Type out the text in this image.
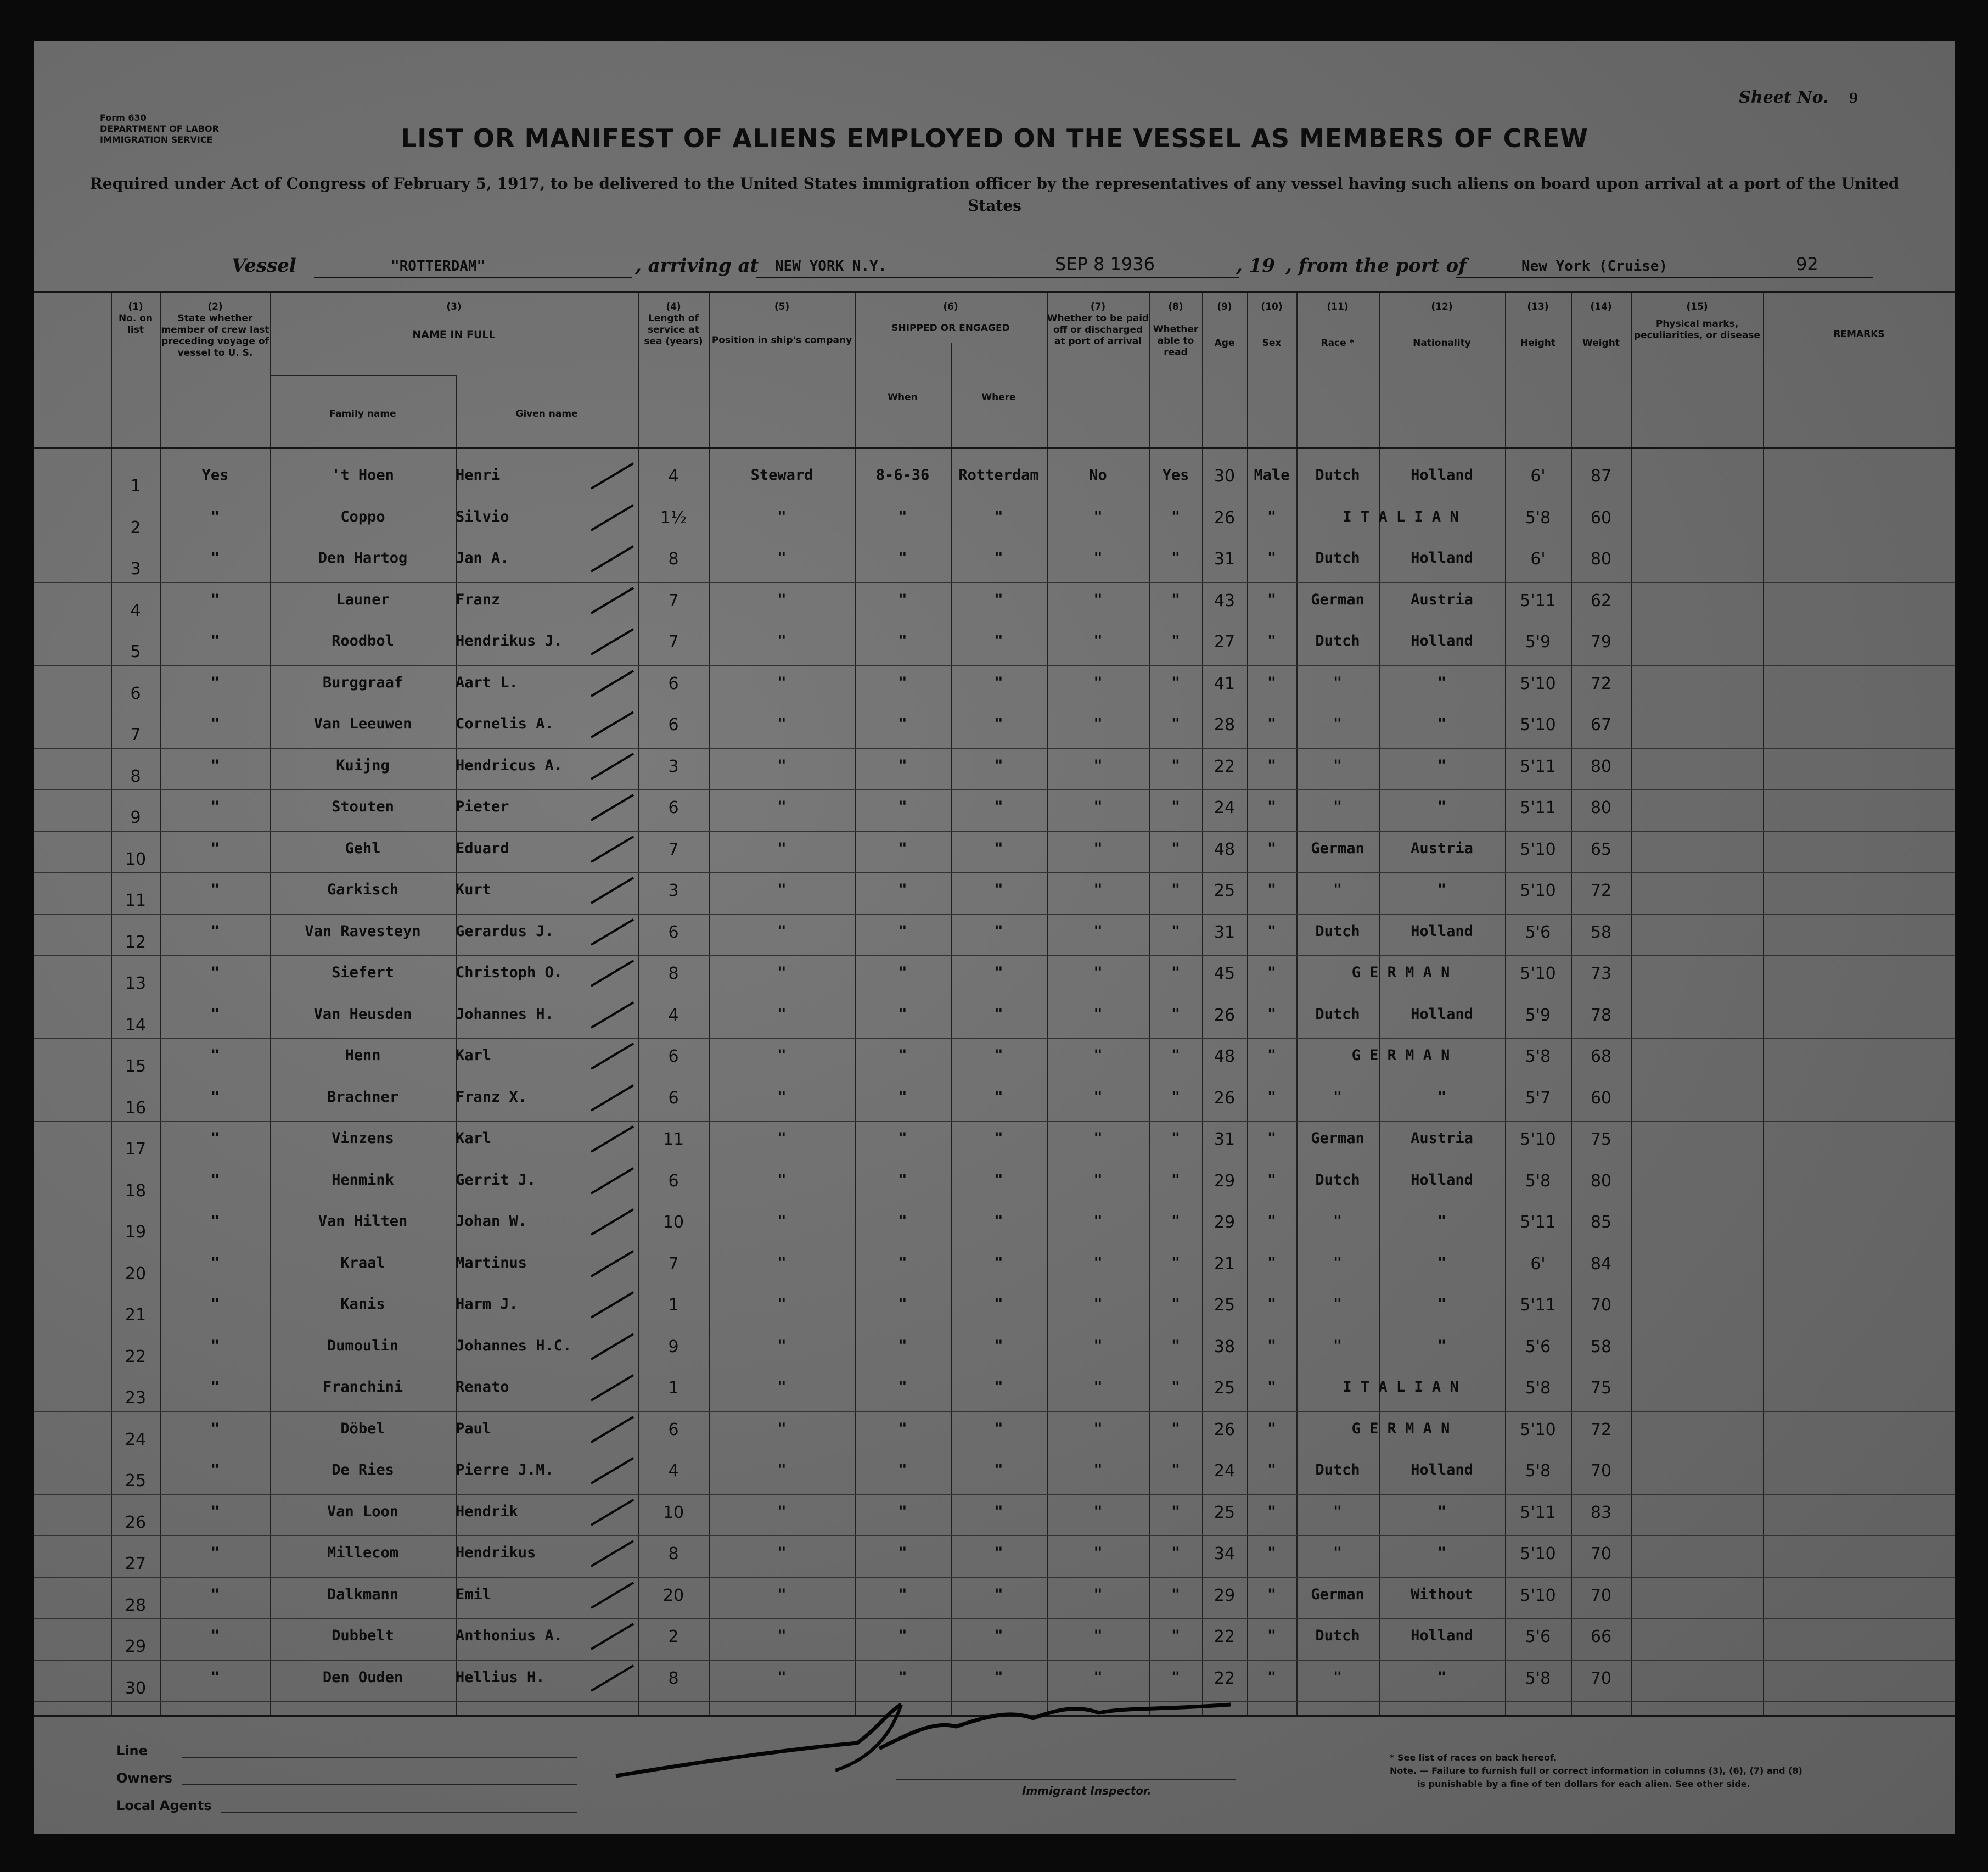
Form 630
DEPARTMENT OF LABOR
IMMIGRATION SERVICE
Sheet No. 9
LIST OR MANIFEST OF ALIENS EMPLOYED ON THE VESSEL AS MEMBERS OF CREW
Required under Act of Congress of February 5, 1917, to be delivered to the United States immigration officer by the representatives of any vessel having such aliens on board upon arrival at a port of the United States
Vessel	"ROTTERDAM"	, arriving at NEW YORK N.Y.	SEP 8 1936	, 19 , from the port of	New York (Cruise)	92
(1)
No. on list
(2)
State whether member of crew last preceding voyage of vessel to U. S.
(3)
NAME IN FULL
Family name	Given name
(4)
Length of service at sea (years)
(5)
Position in ship's company
(6)
SHIPPED OR ENGAGED
When	Where
(7)
Whether to be paid off or discharged at port of arrival
(8)
Whether able to read
(9)
Age
(10)
Sex
(11)
Race *
(12)
Nationality
(13)
Height
(14)
Weight
(15)
Physical marks, peculiarities, or disease	REMARKS
1
Yes	't Hoen	Henri	4	Steward	8-6-36	Rotterdam	No	Yes	30	Male	Dutch	Holland	6'	87
2
"	Coppo	Silvio	1½	"	"	"	"	"	26	"	I T A L I A N	5'8	60
3
"	Den Hartog	Jan A.	8	"	"	"	"	"	31	"	Dutch	Holland	6'	80
4
"	Launer	Franz	7	"	"	"	"	"	43	"	German	Austria	5'11	62
5
"	Roodbol	Hendrikus J.	7	"	"	"	"	"	27	"	Dutch	Holland	5'9	79
6
"	Burggraaf	Aart L.	6	"	"	"	"	"	41	"	"	"	5'10	72
7
"	Van Leeuwen	Cornelis A.	6	"	"	"	"	"	28	"	"	"	5'10	67
8
"	Kuijng	Hendricus A.	3	"	"	"	"	"	22	"	"	"	5'11	80
9
"	Stouten	Pieter	6	"	"	"	"	"	24	"	"	"	5'11	80
10
"	Gehl	Eduard	7	"	"	"	"	"	48	"	German	Austria	5'10	65
11
"	Garkisch	Kurt	3	"	"	"	"	"	25	"	"	"	5'10	72
12
"	Van Ravesteyn	Gerardus J.	6	"	"	"	"	"	31	"	Dutch	Holland	5'6	58
13
"	Siefert	Christoph O.	8	"	"	"	"	"	45	"	G E R M A N	5'10	73
14
"	Van Heusden	Johannes H.	4	"	"	"	"	"	26	"	Dutch	Holland	5'9	78
15
"	Henn	Karl	6	"	"	"	"	"	48	"	G E R M A N	5'8	68
16
"	Brachner	Franz X.	6	"	"	"	"	"	26	"	"	"	5'7	60
17
"	Vinzens	Karl	11	"	"	"	"	"	31	"	German	Austria	5'10	75
18
"	Henmink	Gerrit J.	6	"	"	"	"	"	29	"	Dutch	Holland	5'8	80
19
"	Van Hilten	Johan W.	10	"	"	"	"	"	29	"	"	"	5'11	85
20
"	Kraal	Martinus	7	"	"	"	"	"	21	"	"	"	6'	84
21
"	Kanis	Harm J.	1	"	"	"	"	"	25	"	"	"	5'11	70
22
"	Dumoulin	Johannes H.C.	9	"	"	"	"	"	38	"	"	"	5'6	58
23
"	Franchini	Renato	1	"	"	"	"	"	25	"	I T A L I A N	5'8	75
24
"	Döbel	Paul	6	"	"	"	"	"	26	"	G E R M A N	5'10	72
25
"	De Ries	Pierre J.M.	4	"	"	"	"	"	24	"	Dutch	Holland	5'8	70
26
"	Van Loon	Hendrik	10	"	"	"	"	"	25	"	"	"	5'11	83
27
"	Millecom	Hendrikus	8	"	"	"	"	"	34	"	"	"	5'10	70
28
"	Dalkmann	Emil	20	"	"	"	"	"	29	"	German	Without	5'10	70
29
"	Dubbelt	Anthonius A.	2	"	"	"	"	"	22	"	Dutch	Holland	5'6	66
30
"	Den Ouden	Hellius H.	8	"	"	"	"	"	22	"	"	"	5'8	70
Line
Owners
Local Agents
Immigrant Inspector.
* See list of races on back hereof.
Note. — Failure to furnish full or correct information in columns (3), (6), (7) and (8)
is punishable by a fine of ten dollars for each alien. See other side.
